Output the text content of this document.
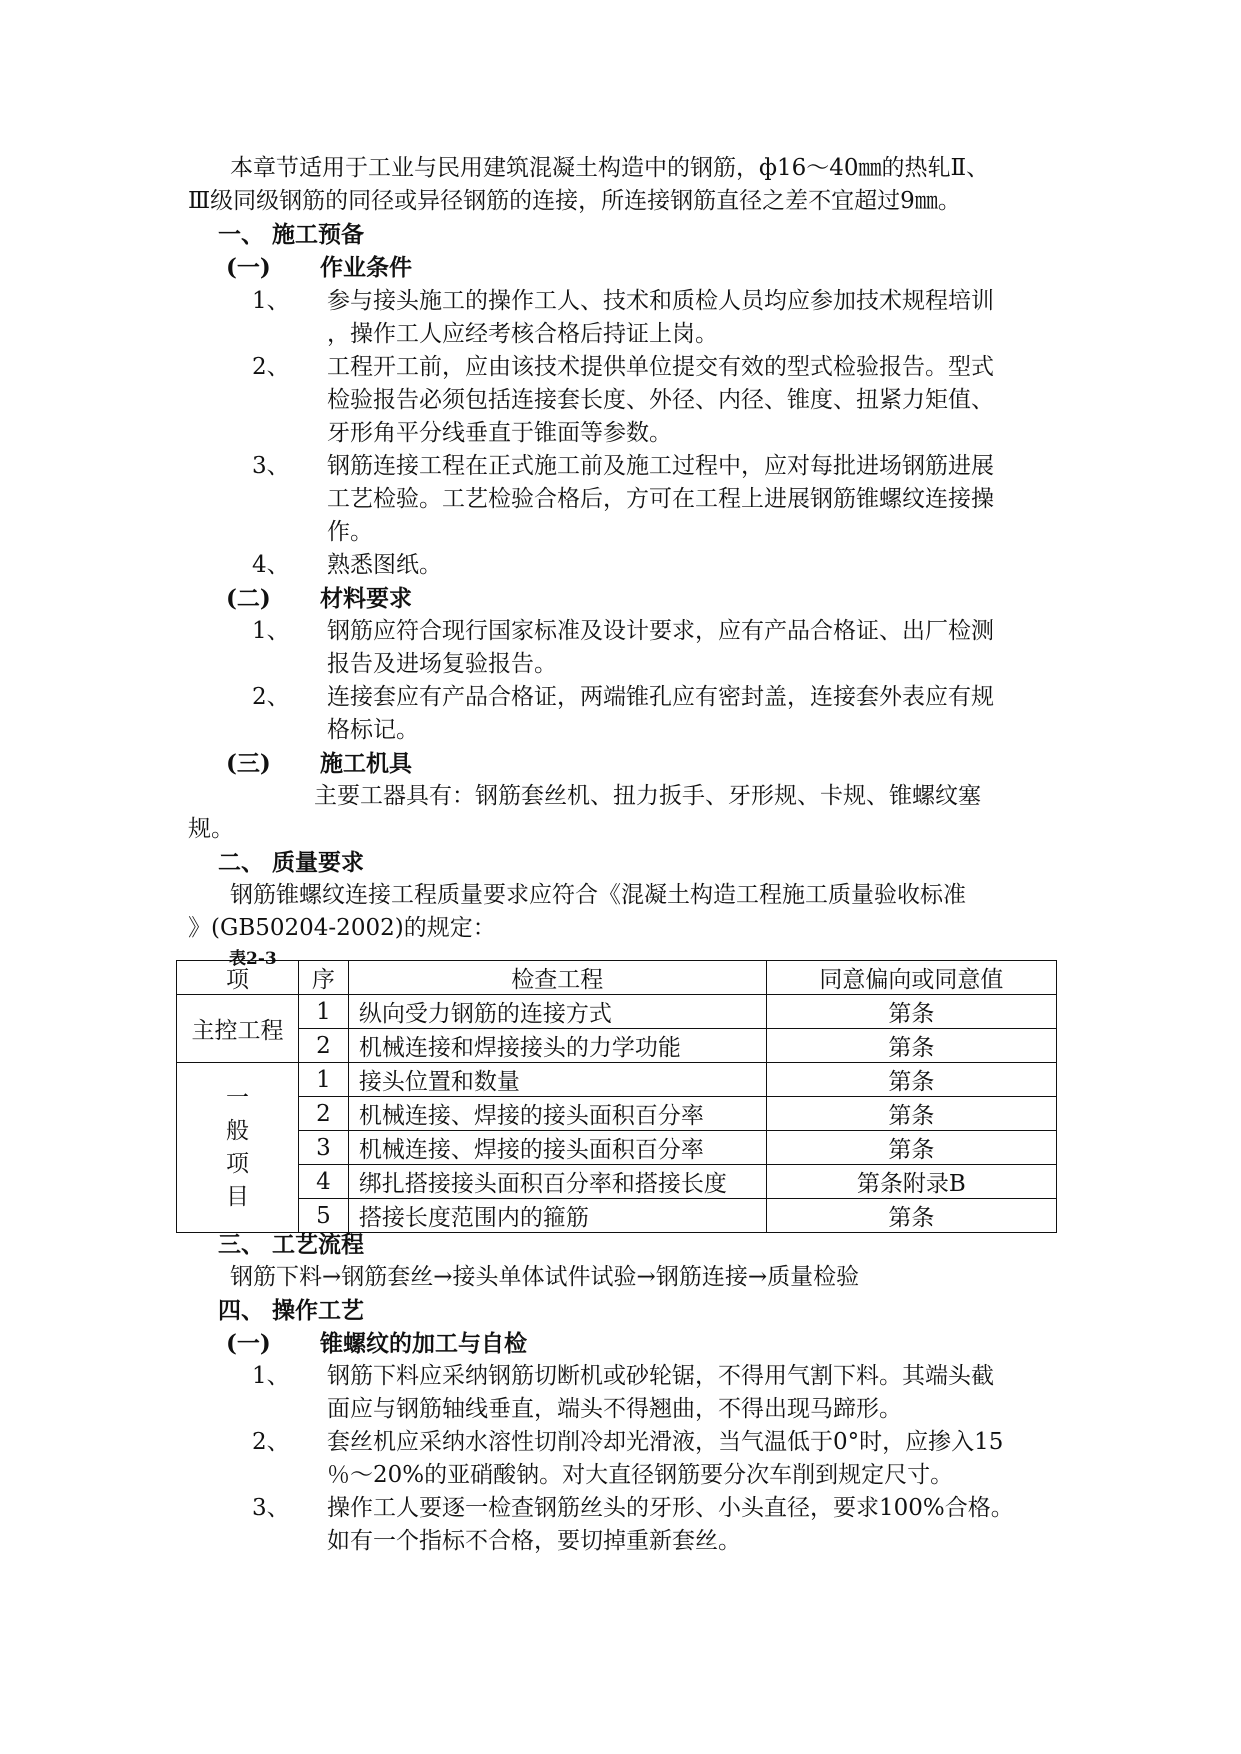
本章节适用于工业与民用建筑混凝土构造中的钢筋，ф16～40㎜的热轧Ⅱ、
Ⅲ级同级钢筋的同径或异径钢筋的连接，所连接钢筋直径之差不宜超过9㎜。
一、 施工预备
(一) 作业条件
1、 参与接头施工的操作工人、技术和质检人员均应参加技术规程培训
，操作工人应经考核合格后持证上岗。
2、 工程开工前，应由该技术提供单位提交有效的型式检验报告。型式
检验报告必须包括连接套长度、外径、内径、锥度、扭紧力矩值、
牙形角平分线垂直于锥面等参数。
3、 钢筋连接工程在正式施工前及施工过程中，应对每批进场钢筋进展
工艺检验。工艺检验合格后，方可在工程上进展钢筋锥螺纹连接操
作。
4、 熟悉图纸。
(二) 材料要求
1、 钢筋应符合现行国家标准及设计要求，应有产品合格证、出厂检测
报告及进场复验报告。
2、 连接套应有产品合格证，两端锥孔应有密封盖，连接套外表应有规
格标记。
(三) 施工机具
主要工器具有：钢筋套丝机、扭力扳手、牙形规、卡规、锥螺纹塞
规。
二、 质量要求
钢筋锥螺纹连接工程质量要求应符合《混凝土构造工程施工质量验收标准
》(GB50204-2002)的规定：
表2-3
项	序	检查工程	同意偏向或同意值
主控工程	1	纵向受力钢筋的连接方式	第条
	2	机械连接和焊接接头的力学功能	第条

一
般
项
目	1	接头位置和数量	第条
	2	机械连接、焊接的接头面积百分率	第条
	3	机械连接、焊接的接头面积百分率	第条
	4	绑扎搭接接头面积百分率和搭接长度	第条附录B
	5	搭接长度范围内的箍筋	第条
三、 工艺流程
钢筋下料→钢筋套丝→接头单体试件试验→钢筋连接→质量检验
四、 操作工艺
(一) 锥螺纹的加工与自检
1、 钢筋下料应采纳钢筋切断机或砂轮锯，不得用气割下料。其端头截
面应与钢筋轴线垂直，端头不得翘曲，不得出现马蹄形。
2、 套丝机应采纳水溶性切削冷却光滑液，当气温低于0°时，应掺入15
％～20%的亚硝酸钠。对大直径钢筋要分次车削到规定尺寸。
3、 操作工人要逐一检查钢筋丝头的牙形、小头直径，要求100%合格。
如有一个指标不合格，要切掉重新套丝。
